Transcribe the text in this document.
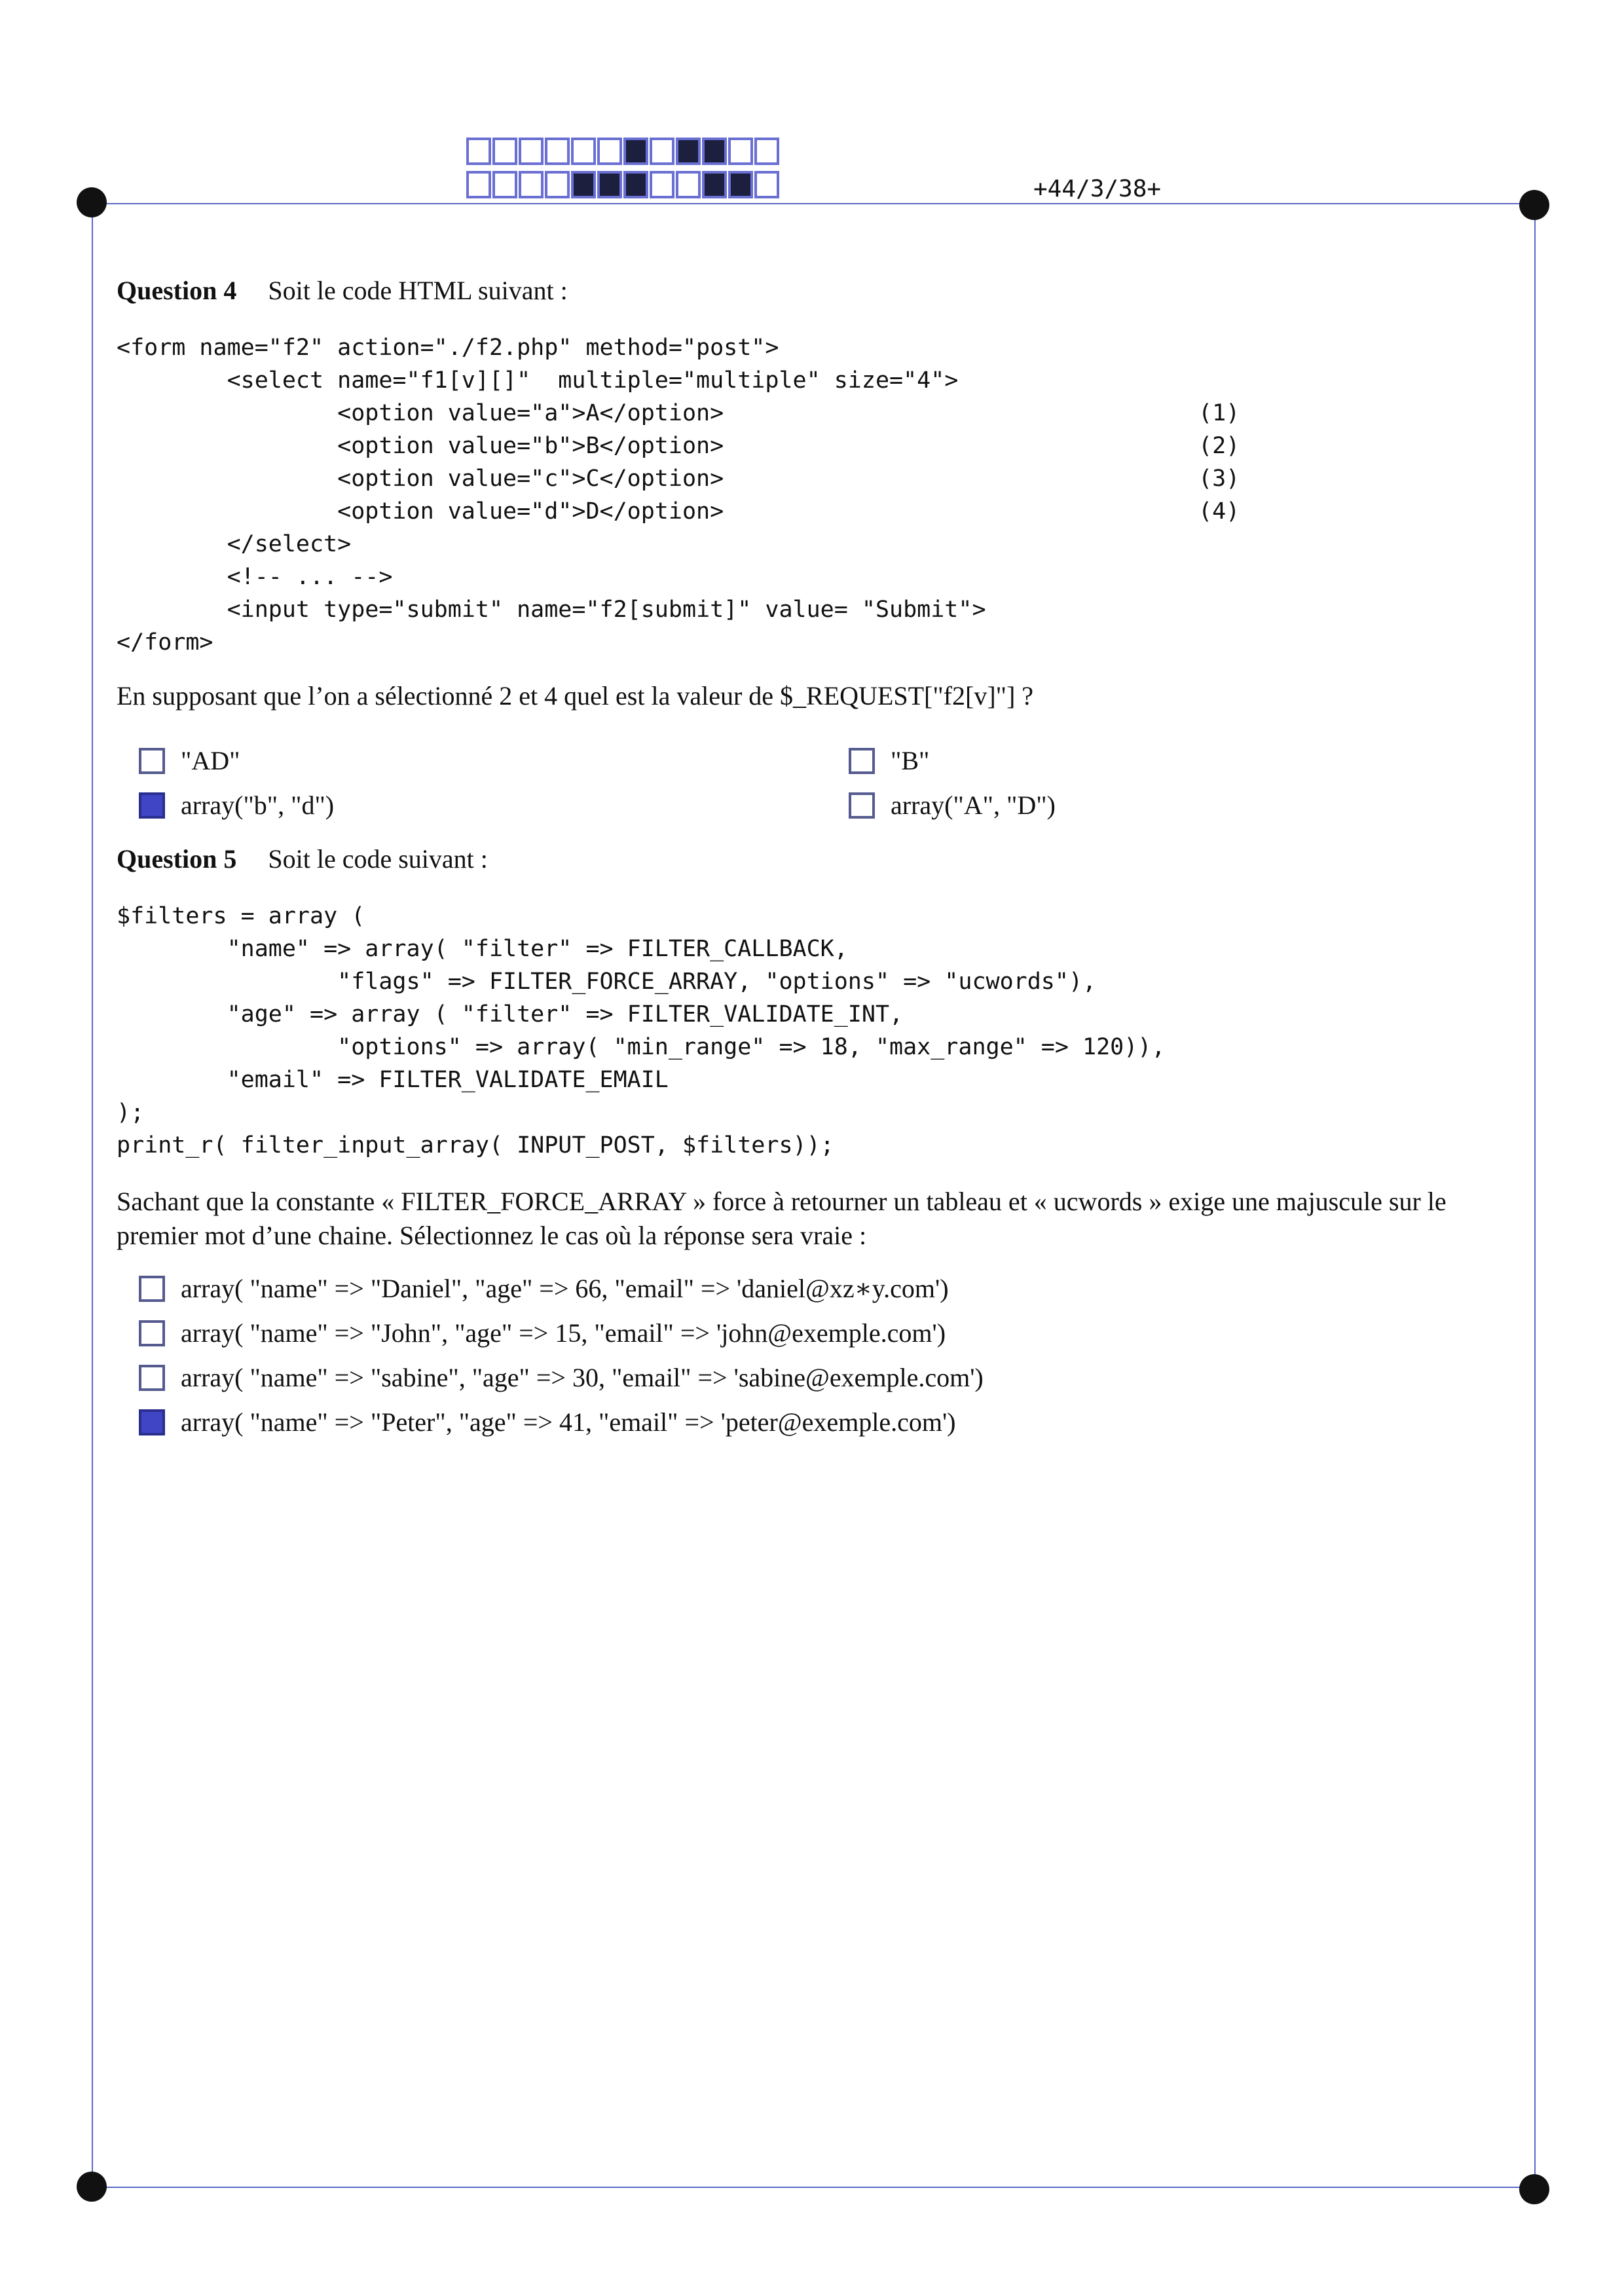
+44/3/38+
Question 4 Soit le code HTML suivant :
<form name="f2" action="./f2.php" method="post">
<select name="f1[v][]"  multiple="multiple" size="4">
<option value="a">A</option>
<option value="b">B</option>
<option value="c">C</option>
<option value="d">D</option>
</select>
<!-- ... -->
<input type="submit" name="f2[submit]" value= "Submit">
</form>
(1)
(2)
(3)
(4)
En supposant que l’on a sélectionné 2 et 4 quel est la valeur de $_REQUEST["f2[v]"] ?
"AD"	"B"
array("b", "d")	array("A", "D")
Question 5 Soit le code suivant :
$filters = array (
"name" => array( "filter" => FILTER_CALLBACK,
"flags" => FILTER_FORCE_ARRAY, "options" => "ucwords"),
"age" => array ( "filter" => FILTER_VALIDATE_INT,
"options" => array( "min_range" => 18, "max_range" => 120)),
"email" => FILTER_VALIDATE_EMAIL
);
print_r( filter_input_array( INPUT_POST, $filters));
Sachant que la constante « FILTER_FORCE_ARRAY » force à retourner un tableau et « ucwords » exige une majuscule sur le
premier mot d’une chaine. Sélectionnez le cas où la réponse sera vraie :
array( "name" => "Daniel", "age" => 66, "email" => 'daniel@xz∗y.com')
array( "name" => "John", "age" => 15, "email" => 'john@exemple.com')
array( "name" => "sabine", "age" => 30, "email" => 'sabine@exemple.com')
array( "name" => "Peter", "age" => 41, "email" => 'peter@exemple.com')
